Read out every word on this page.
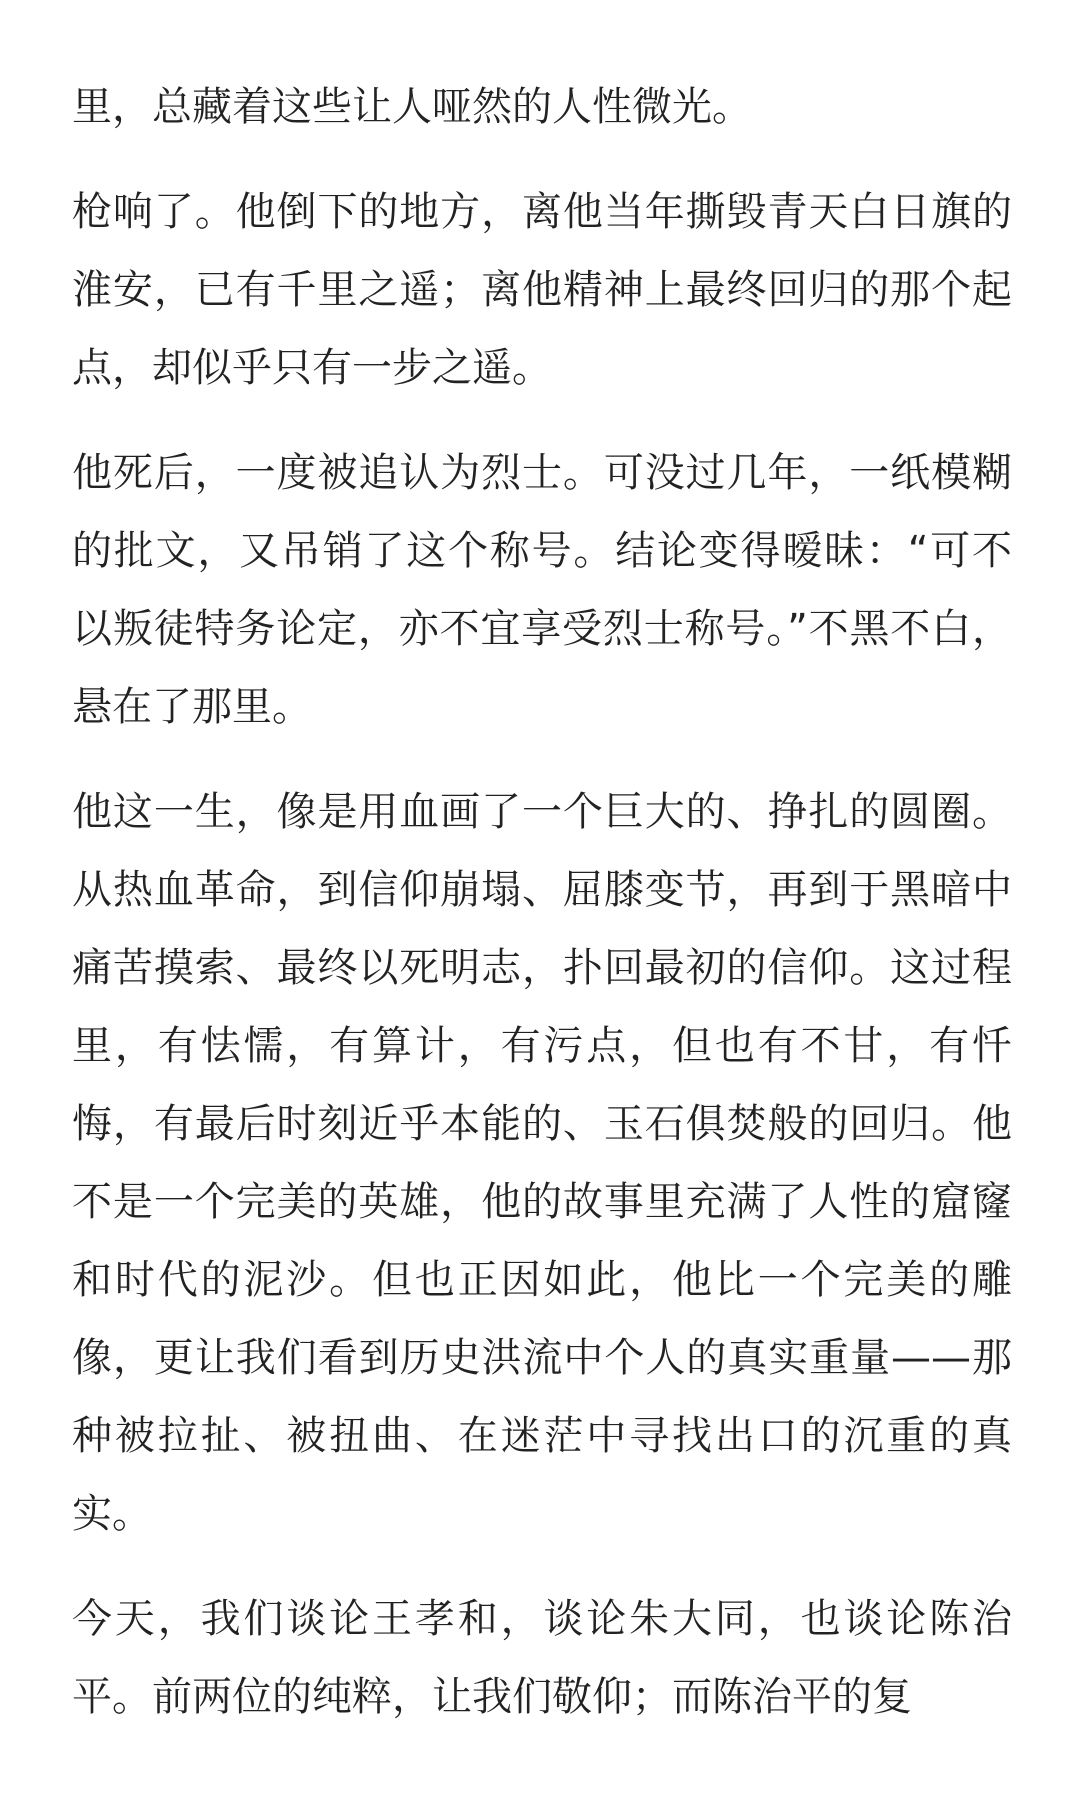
里，总藏着这些让人哑然的人性微光。

枪响了。他倒下的地方，离他当年撕毁青天白日旗的淮安，已有千里之遥；离他精神上最终回归的那个起点，却似乎只有一步之遥。

他死后，一度被追认为烈士。可没过几年，一纸模糊的批文，又吊销了这个称号。结论变得暧昧：“可不以叛徒特务论定，亦不宜享受烈士称号。”不黑不白，悬在了那里。

他这一生，像是用血画了一个巨大的、挣扎的圆圈。从热血革命，到信仰崩塌、屈膝变节，再到于黑暗中痛苦摸索、最终以死明志，扑回最初的信仰。这过程里，有怯懦，有算计，有污点，但也有不甘，有忏悔，有最后时刻近乎本能的、玉石俱焚般的回归。他不是一个完美的英雄，他的故事里充满了人性的窟窿和时代的泥沙。但也正因如此，他比一个完美的雕像，更让我们看到历史洪流中个人的真实重量——那种被拉扯、被扭曲、在迷茫中寻找出口的沉重的真实。

今天，我们谈论王孝和，谈论朱大同，也谈论陈治平。前两位的纯粹，让我们敬仰；而陈治平的复
